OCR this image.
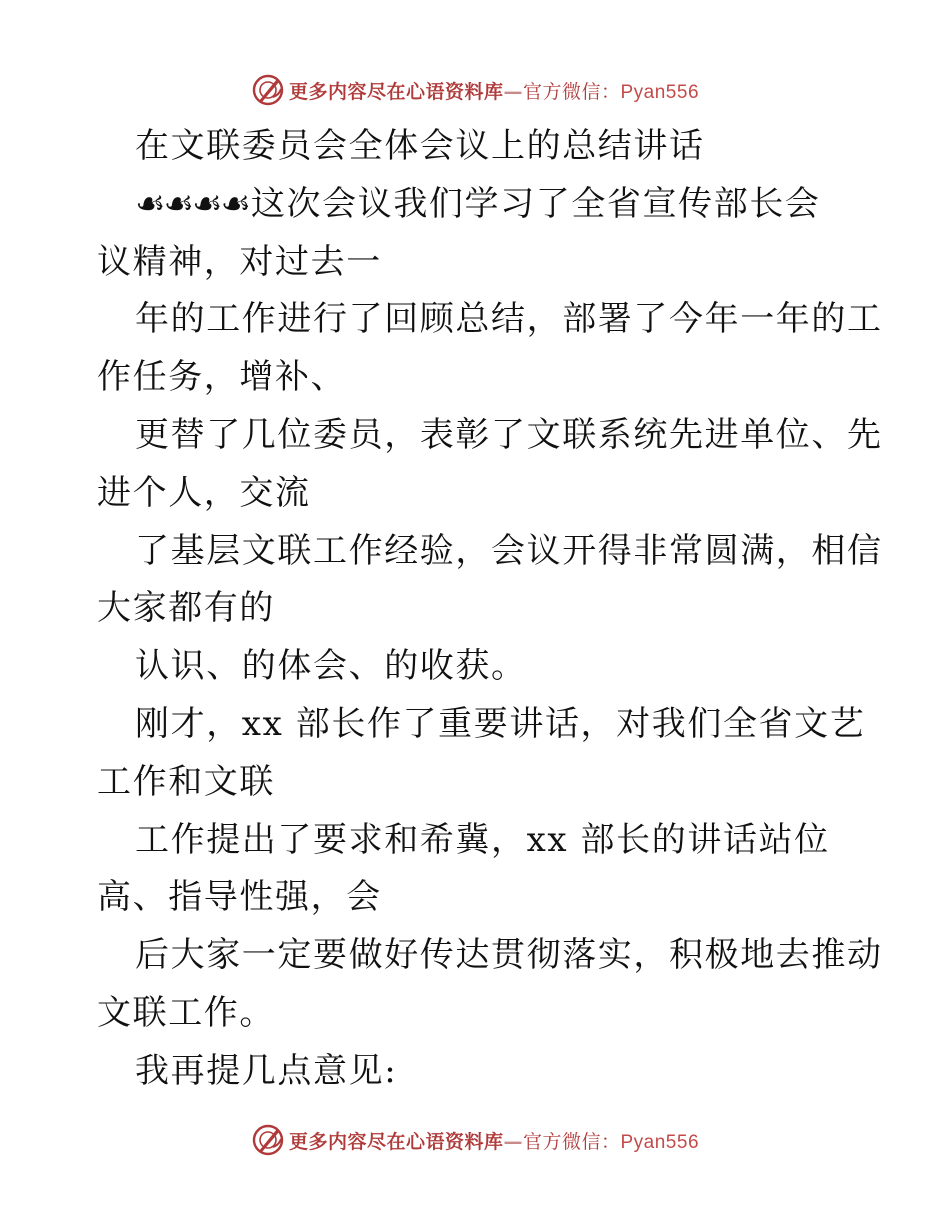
更多内容尽在心语资料库—官方微信：Pyan556
在文联委员会全体会议上的总结讲话
☙☙☙☙这次会议我们学习了全省宣传部长会
议精神，对过去一
年的工作进行了回顾总结，部署了今年一年的工
作任务，增补、
更替了几位委员，表彰了文联系统先进单位、先
进个人，交流
了基层文联工作经验，会议开得非常圆满，相信
大家都有的
认识、的体会、的收获。
刚才，xx 部长作了重要讲话，对我们全省文艺
工作和文联
工作提出了要求和希冀，xx 部长的讲话站位
高、指导性强，会
后大家一定要做好传达贯彻落实，积极地去推动
文联工作。
我再提几点意见:
更多内容尽在心语资料库—官方微信：Pyan556
